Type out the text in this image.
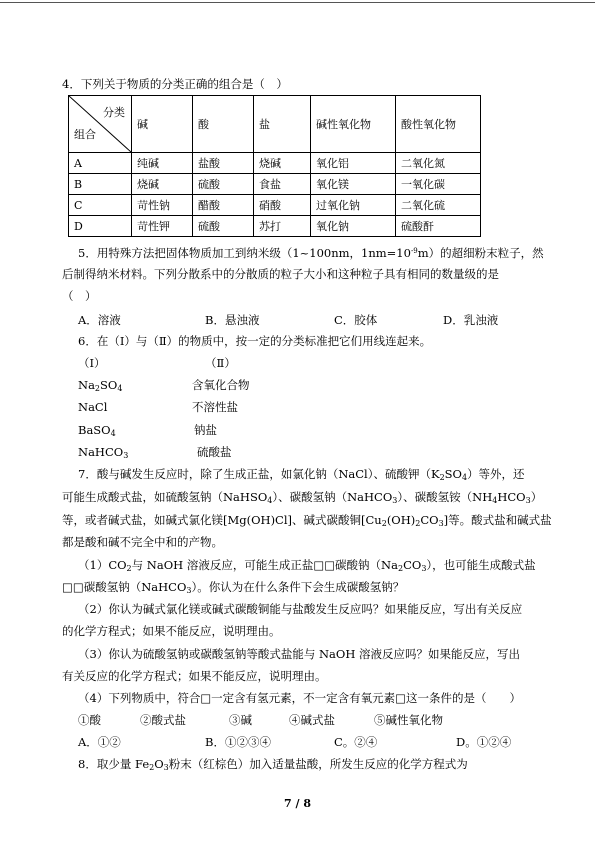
4．下列关于物质的分类正确的组合是（　）
分类
组合	碱	酸	盐	碱性氧化物	酸性氧化物
A	纯碱	盐酸	烧碱	氧化铝	二氧化氮
B	烧碱	硫酸	食盐	氧化镁	一氧化碳
C	苛性钠	醋酸	硝酸	过氧化钠	二氧化硫
D	苛性钾	硫酸	苏打	氧化钠	硫酸酐
5．用特殊方法把固体物质加工到纳米级（1~100nm，$1nm=10^{-9}m$）的超细粉末粒子，然
后制得纳米材料。下列分散系中的分散质的粒子大小和这种粒子具有相同的数量级的是
（　）
A．溶液	B．悬浊液	C．胶体	D．乳浊液
6．在（Ⅰ）与（Ⅱ）的物质中，按一定的分类标准把它们用线连起来。
（Ⅰ）	（Ⅱ）
$Na_2SO_4$	含氧化合物
NaCl	不溶性盐
BaSO$_4$	钠盐
NaHCO$_3$	硫酸盐
7．酸与碱发生反应时，除了生成正盐，如氯化钠（NaCl）、硫酸钾$(K_2SO_4)$等外，还
可能生成酸式盐，如硫酸氢钠（NaHSO$_4$）、碳酸氢钠（NaHCO$_3$）、碳酸氢铵$(NH_4HCO_3)$
等，或者碱式盐，如碱式氯化镁[Mg(OH)Cl]、碱式碳酸铜$[Cu_2(OH)_2CO_3]$等。酸式盐和碱式盐
都是酸和碱不完全中和的产物。
$(1)CO_2$与 NaOH 溶液反应，可能生成正盐□□碳酸钠$(Na_2CO_3)$，也可能生成酸式盐
□□碳酸氢钠（NaHCO$_3$）。你认为在什么条件下会生成碳酸氢钠？
（2）你认为碱式氯化镁或碱式碳酸铜能与盐酸发生反应吗？如果能反应，写出有关反应
的化学方程式；如果不能反应，说明理由。
（3）你认为硫酸氢钠或碳酸氢钠等酸式盐能与 NaOH 溶液反应吗？如果能反应，写出
有关反应的化学方程式；如果不能反应，说明理由。
（4）下列物质中，符合□一定含有氢元素，不一定含有氧元素□这一条件的是（　　）
①酸	②酸式盐	③碱	④碱式盐	⑤碱性氧化物
A．①②	B．①②③④	C。②④	D。①②④
8．取少量 $Fe_2O_3$粉末（红棕色）加入适量盐酸，所发生反应的化学方程式为
7 / 8
